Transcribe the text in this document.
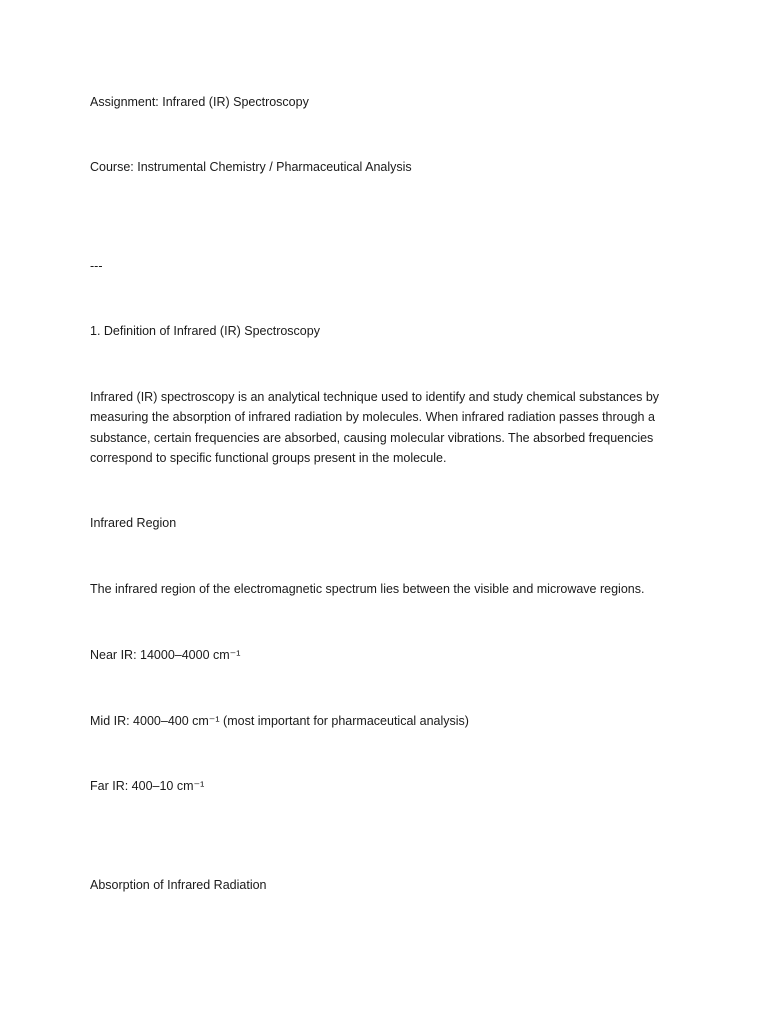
Assignment: Infrared (IR) Spectroscopy

Course: Instrumental Chemistry / Pharmaceutical Analysis

---

1. Definition of Infrared (IR) Spectroscopy

Infrared (IR) spectroscopy is an analytical technique used to identify and study chemical substances by measuring the absorption of infrared radiation by molecules. When infrared radiation passes through a substance, certain frequencies are absorbed, causing molecular vibrations. The absorbed frequencies correspond to specific functional groups present in the molecule.

Infrared Region

The infrared region of the electromagnetic spectrum lies between the visible and microwave regions.

Near IR: 14000–4000 cm⁻¹

Mid IR: 4000–400 cm⁻¹ (most important for pharmaceutical analysis)

Far IR: 400–10 cm⁻¹

Absorption of Infrared Radiation
